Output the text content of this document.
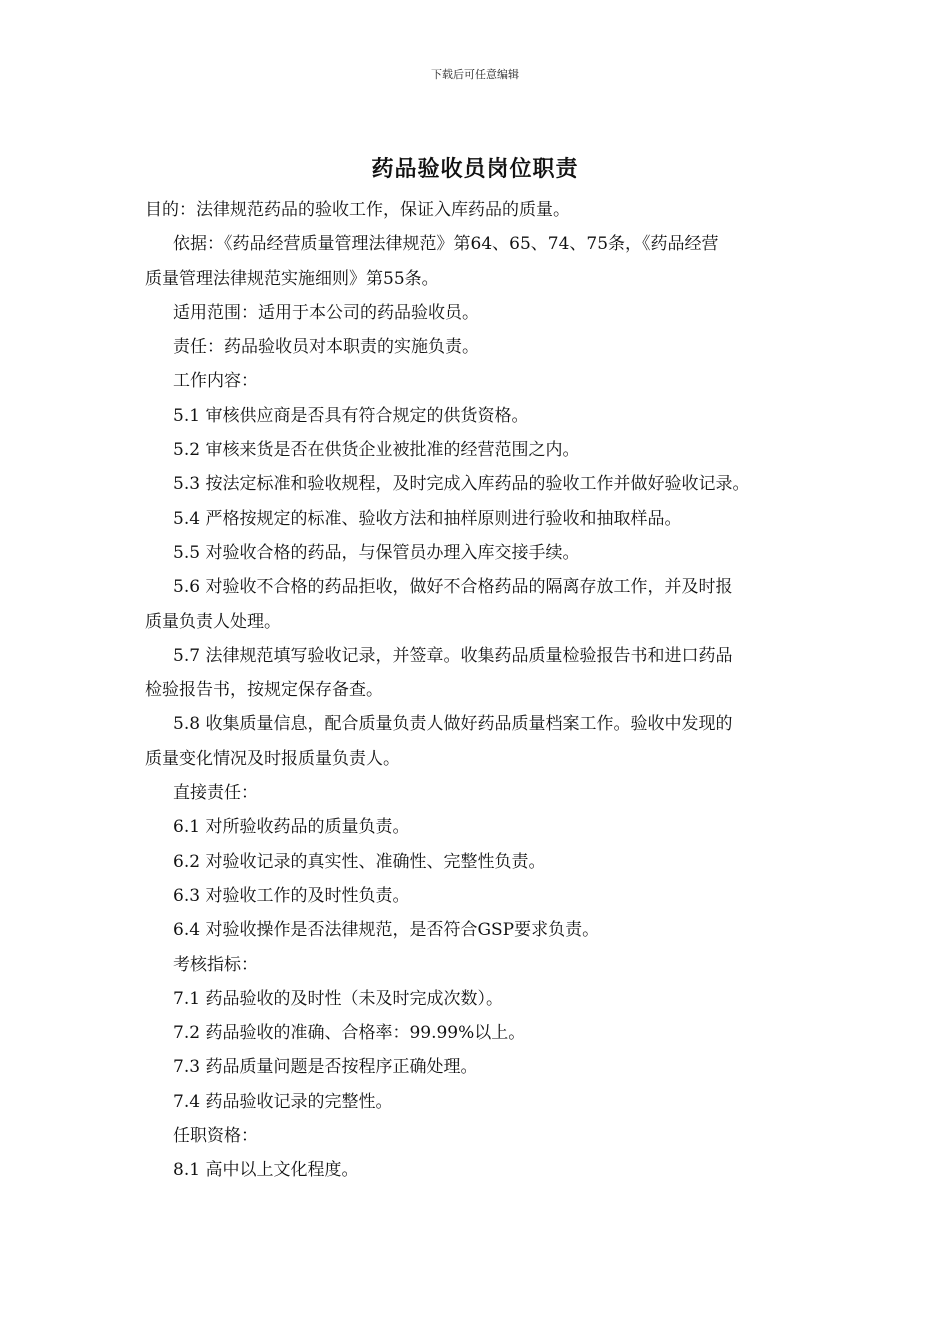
下载后可任意编辑
药品验收员岗位职责
目的：法律规范药品的验收工作，保证入库药品的质量。
依据：《药品经营质量管理法律规范》第64、65、74、75条，《药品经营
质量管理法律规范实施细则》第55条。
适用范围：适用于本公司的药品验收员。
责任：药品验收员对本职责的实施负责。
工作内容：
5.1 审核供应商是否具有符合规定的供货资格。
5.2 审核来货是否在供货企业被批准的经营范围之内。
5.3 按法定标准和验收规程，及时完成入库药品的验收工作并做好验收记录。
5.4 严格按规定的标准、验收方法和抽样原则进行验收和抽取样品。
5.5 对验收合格的药品，与保管员办理入库交接手续。
5.6 对验收不合格的药品拒收，做好不合格药品的隔离存放工作，并及时报
质量负责人处理。
5.7 法律规范填写验收记录，并签章。收集药品质量检验报告书和进口药品
检验报告书，按规定保存备查。
5.8 收集质量信息，配合质量负责人做好药品质量档案工作。验收中发现的
质量变化情况及时报质量负责人。
直接责任：
6.1 对所验收药品的质量负责。
6.2 对验收记录的真实性、准确性、完整性负责。
6.3 对验收工作的及时性负责。
6.4 对验收操作是否法律规范，是否符合GSP要求负责。
考核指标：
7.1 药品验收的及时性（未及时完成次数）。
7.2 药品验收的准确、合格率：99.99%以上。
7.3 药品质量问题是否按程序正确处理。
7.4 药品验收记录的完整性。
任职资格：
8.1 高中以上文化程度。
